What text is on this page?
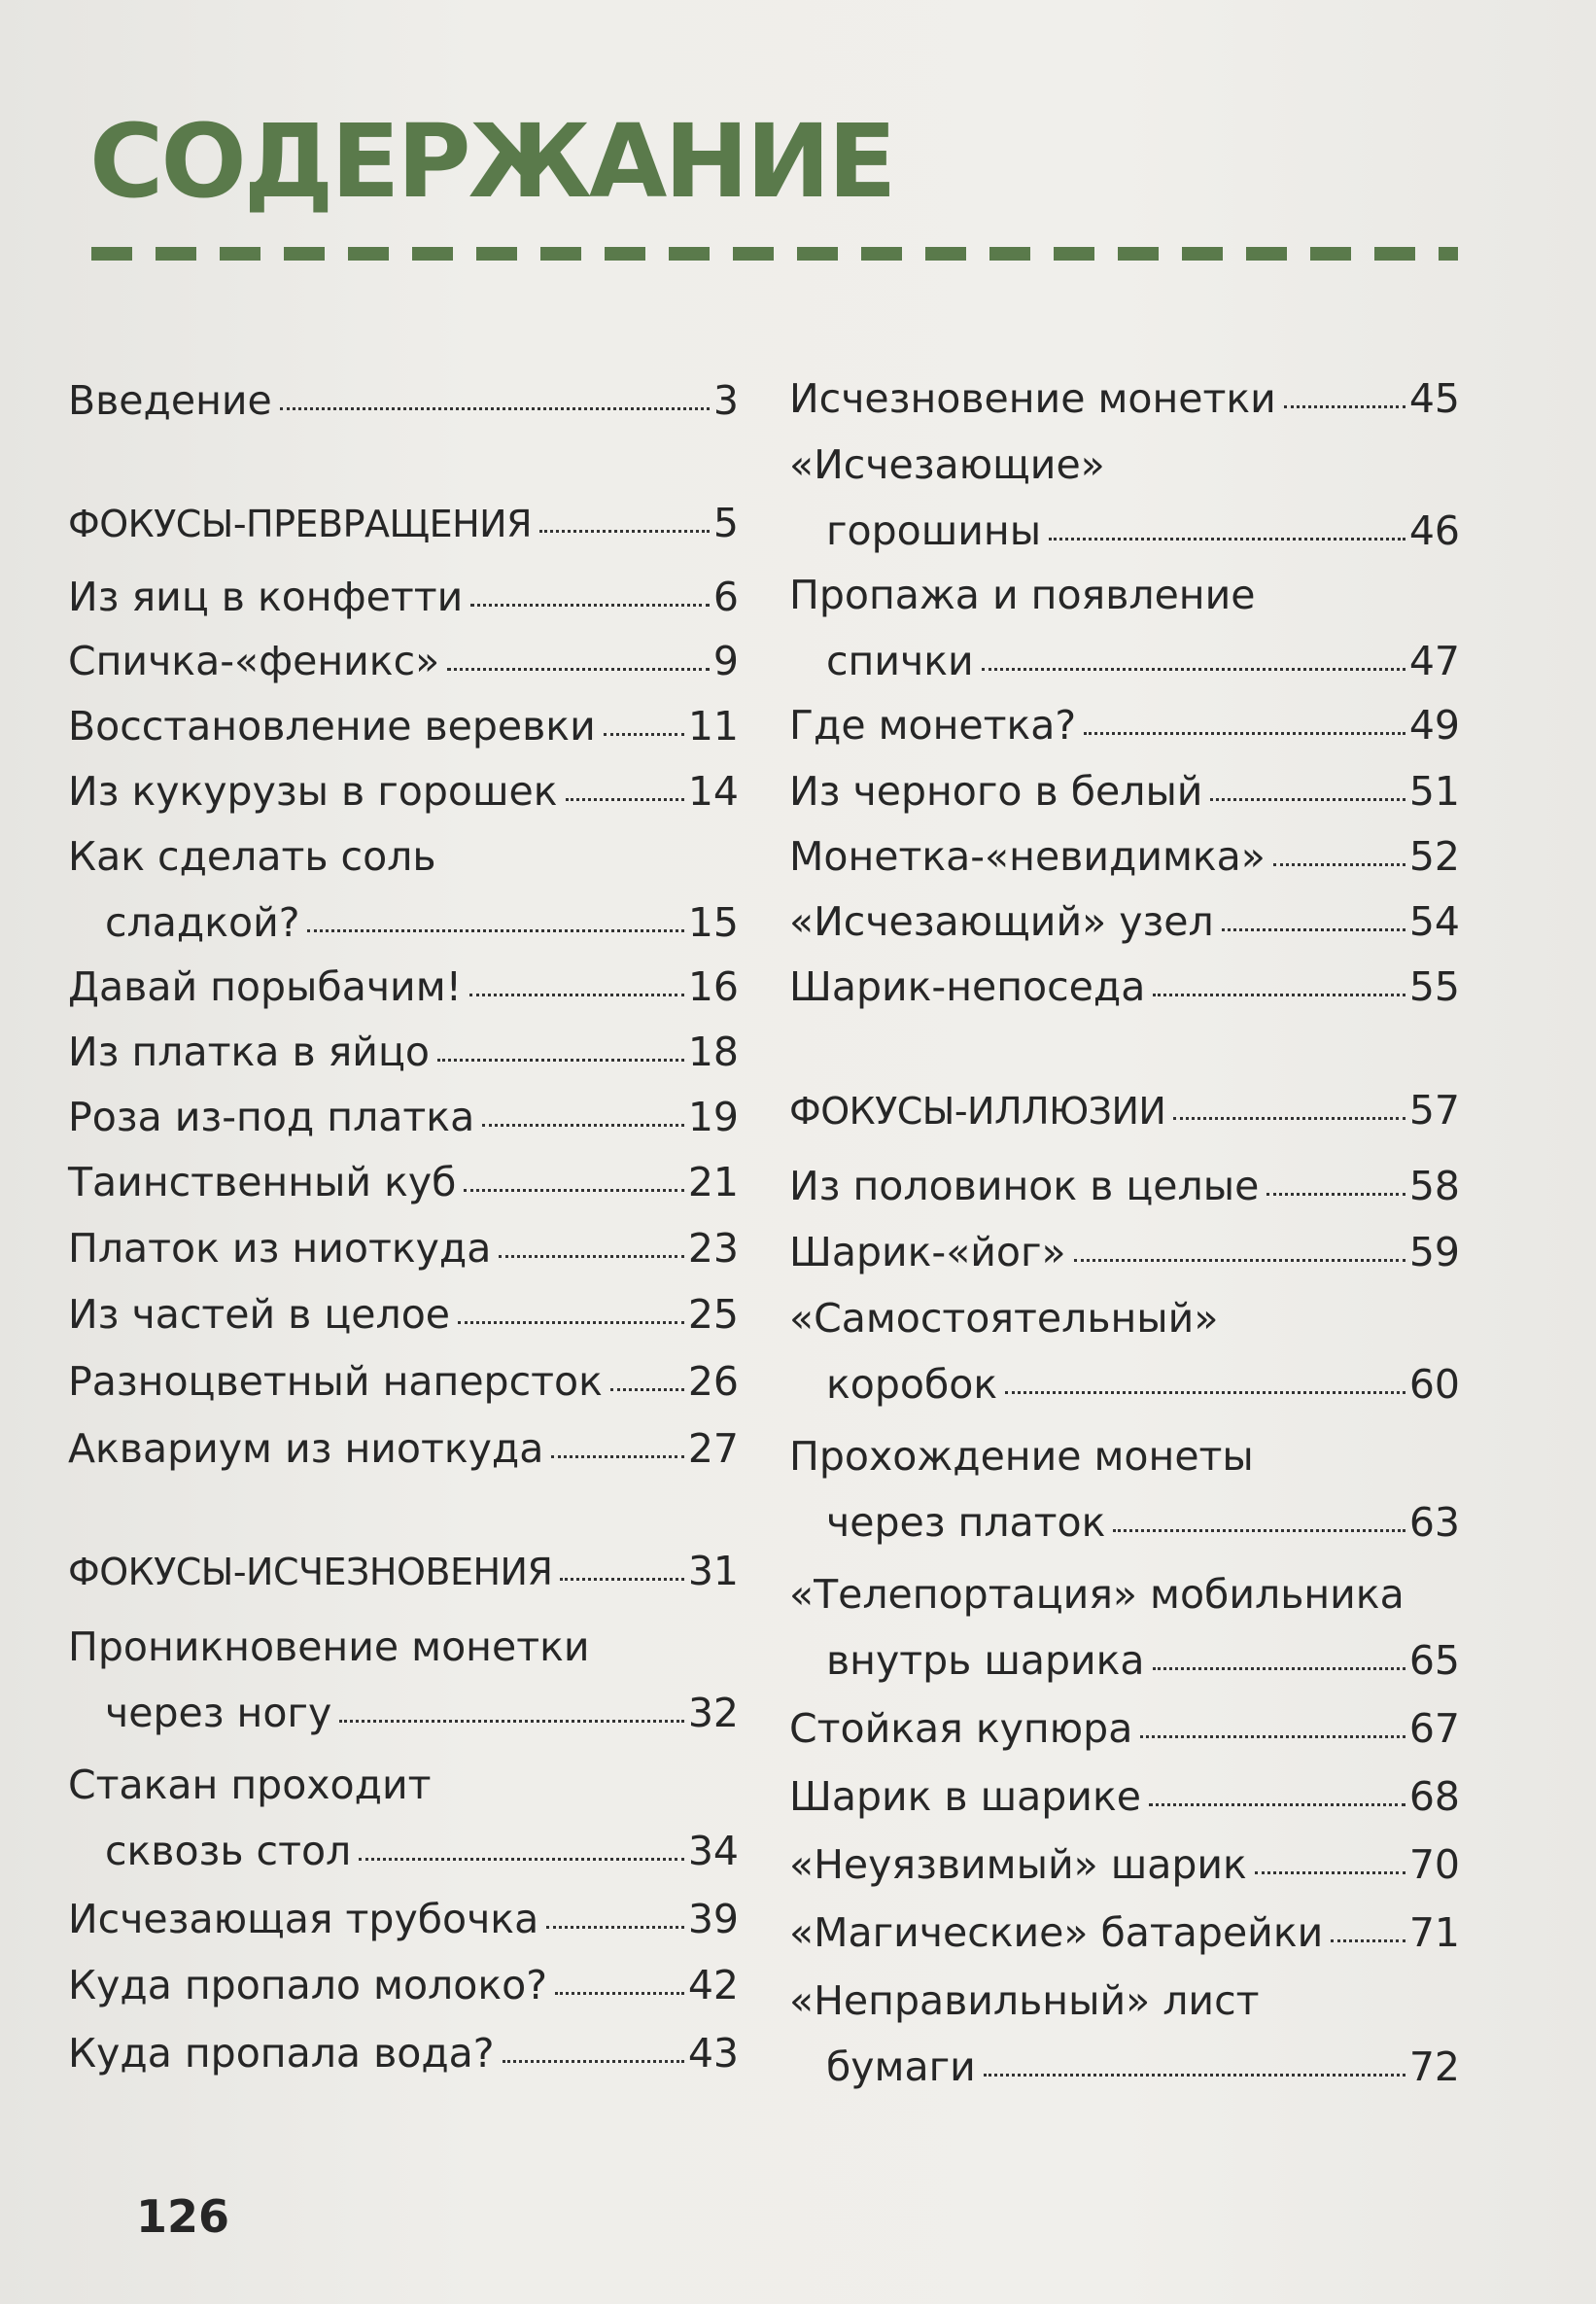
СОДЕРЖАНИЕ
Введение	3
ФОКУСЫ-ПРЕВРАЩЕНИЯ	5
Из яиц в конфетти	6
Спичка-«феникс»	9
Восстановление веревки 11
Из кукурузы в горошек	14
Как сделать соль
сладкой?	15
Давай порыбачим!	16
Из платка в яйцо	18
Роза из-под платка	19
Таинственный куб	21
Платок из ниоткуда	23
Из частей в целое	25
Разноцветный наперсток 26
Аквариум из ниоткуда	27
ФОКУСЫ-ИСЧЕЗНОВЕНИЯ	31
Проникновение монетки
через ногу	32
Стакан проходит
сквозь стол	34
Исчезающая трубочка	39
Куда пропало молоко?	42
Куда пропала вода?	43
Исчезновение монетки	45
«Исчезающие»
горошины	46
Пропажа и появление
спички	47
Где монетка?	49
Из черного в белый	51
Монетка-«невидимка»	52
«Исчезающий» узел	54
Шарик-непоседа	55
ФОКУСЫ-ИЛЛЮЗИИ	57
Из половинок в целые	58
Шарик-«йог»	59
«Самостоятельный»
коробок	60
Прохождение монеты
через платок	63
«Телепортация» мобильника
внутрь шарика	65
Стойкая купюра	67
Шарик в шарике	68
«Неуязвимый» шарик	70
«Магические» батарейки 71
«Неправильный» лист
бумаги	72
126
